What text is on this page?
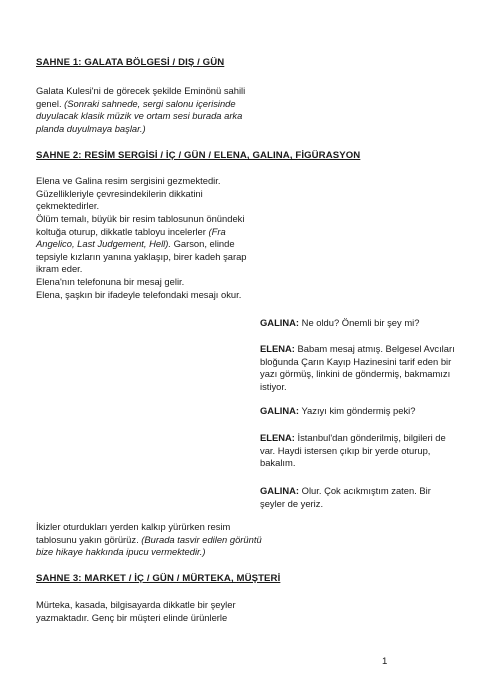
SAHNE 1: GALATA BÖLGESİ / DIŞ / GÜN
Galata Kulesi'ni de görecek şekilde Eminönü sahili genel. (Sonraki sahnede, sergi salonu içerisinde duyulacak klasik müzik ve ortam sesi burada arka planda duyulmaya başlar.)
SAHNE 2: RESİM SERGİSİ / İÇ / GÜN / ELENA, GALINA, FİGÜRASYON
Elena ve Galina resim sergisini gezmektedir. Güzellikleriyle çevresindekilerin dikkatini çekmektedirler.
Ölüm temalı, büyük bir resim tablosunun önündeki koltuğa oturup, dikkatle tabloyu incelerler (Fra Angelico, Last Judgement, Hell). Garson, elinde tepsiyle kızların yanına yaklaşıp, birer kadeh şarap ikram eder.
Elena'nın telefonuna bir mesaj gelir.
Elena, şaşkın bir ifadeyle telefondaki mesajı okur.
GALINA: Ne oldu? Önemli bir şey mi?
ELENA: Babam mesaj atmış. Belgesel Avcıları bloğunda Çarın Kayıp Hazinesini tarif eden bir yazı görmüş, linkini de göndermiş, bakmamızı istiyor.
GALINA: Yazıyı kim göndermiş peki?
ELENA: İstanbul'dan gönderilmiş, bilgileri de var. Haydi istersen çıkıp bir yerde oturup, bakalım.
GALINA: Olur. Çok acıkmıştım zaten. Bir şeyler de yeriz.
İkizler oturdukları yerden kalkıp yürürken resim tablosunu yakın görürüz. (Burada tasvir edilen görüntü bize hikaye hakkında ipucu vermektedir.)
SAHNE 3: MARKET / İÇ / GÜN / MÜRTEKA, MÜŞTERİ
Mürteka, kasada, bilgisayarda dikkatle bir şeyler yazmaktadır. Genç bir müşteri elinde ürünlerle
1
